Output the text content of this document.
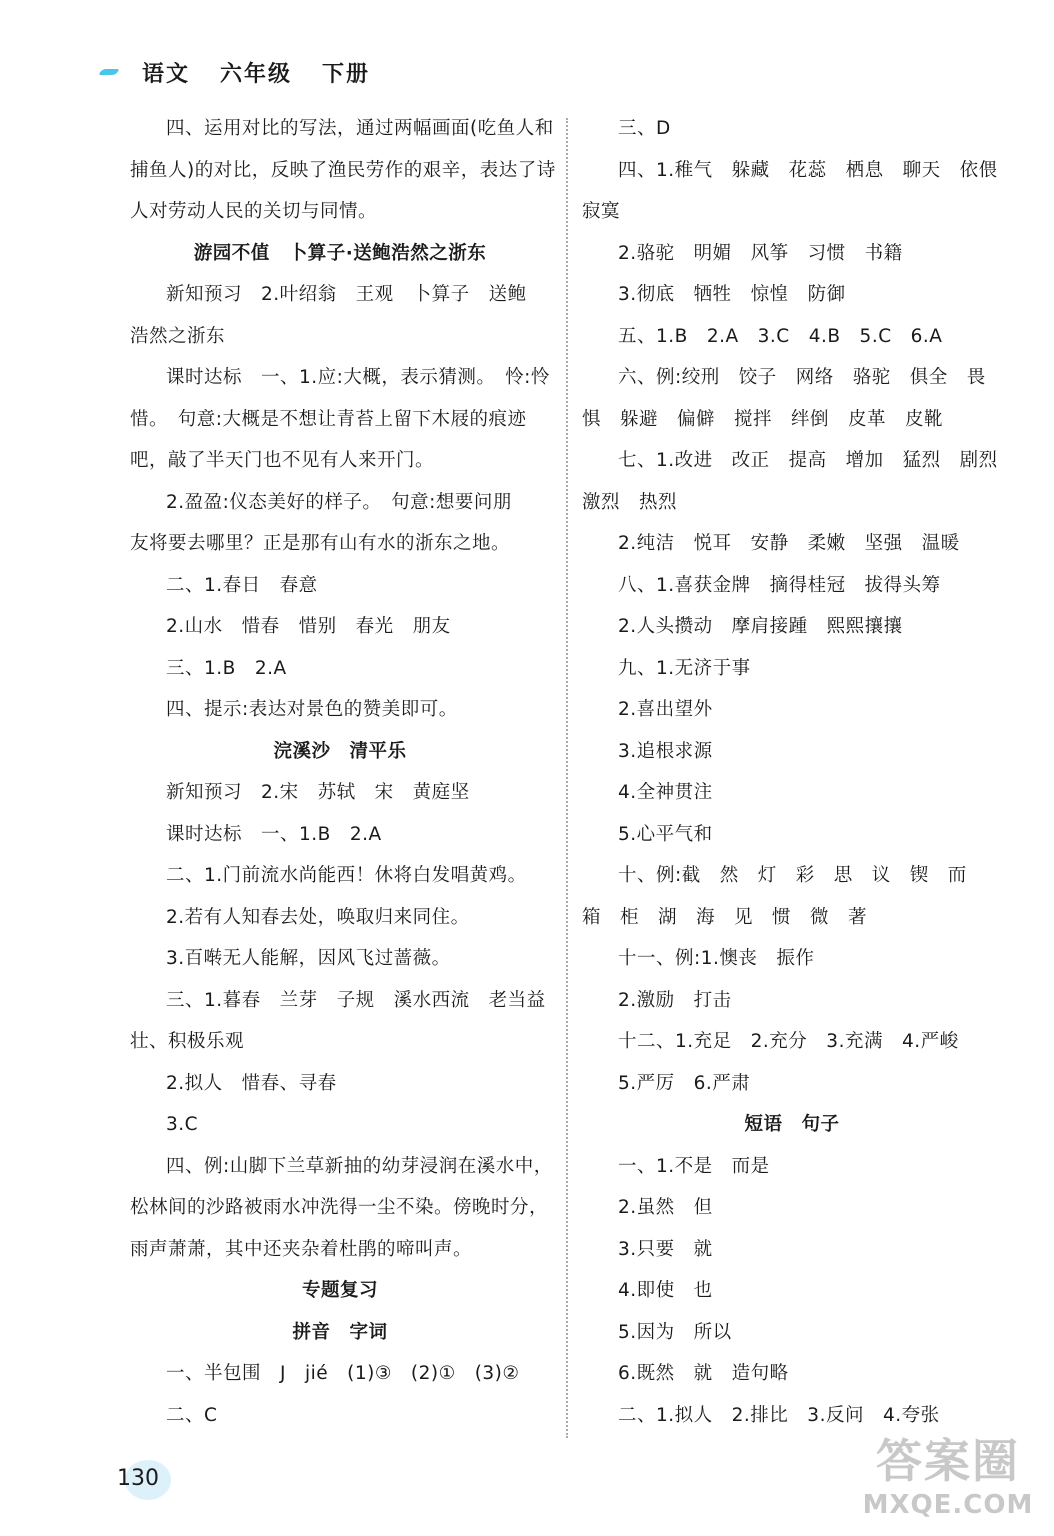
语文 六年级 下册
四、运用对比的写法，通过两幅画面(吃鱼人和
捕鱼人)的对比，反映了渔民劳作的艰辛，表达了诗
人对劳动人民的关切与同情。
游园不值　卜算子·送鲍浩然之浙东
新知预习　2.叶绍翁　王观　卜算子　送鲍
浩然之浙东
课时达标　一、1.应:大概，表示猜测。　怜:怜
惜。　句意:大概是不想让青苔上留下木屐的痕迹
吧，敲了半天门也不见有人来开门。
2.盈盈:仪态美好的样子。　句意:想要问朋
友将要去哪里？正是那有山有水的浙东之地。
二、1.春日　春意
2.山水　惜春　惜别　春光　朋友
三、1.B　2.A
四、提示:表达对景色的赞美即可。
浣溪沙　清平乐
新知预习　2.宋　苏轼　宋　黄庭坚
课时达标　一、1.B　2.A
二、1.门前流水尚能西！休将白发唱黄鸡。
2.若有人知春去处，唤取归来同住。
3.百啭无人能解，因风飞过蔷薇。
三、1.暮春　兰芽　子规　溪水西流　老当益
壮、积极乐观
2.拟人　惜春、寻春
3.C
四、例:山脚下兰草新抽的幼芽浸润在溪水中，
松林间的沙路被雨水冲洗得一尘不染。傍晚时分，
雨声萧萧，其中还夹杂着杜鹃的啼叫声。
专题复习
拼音　字词
一、半包围　J　jié　(1)③　(2)①　(3)②
二、C
三、D
四、1.稚气　躲藏　花蕊　栖息　聊天　依偎
寂寞
2.骆驼　明媚　风筝　习惯　书籍
3.彻底　牺牲　惊惶　防御
五、1.B　2.A　3.C　4.B　5.C　6.A
六、例:绞刑　饺子　网络　骆驼　俱全　畏
惧　躲避　偏僻　搅拌　绊倒　皮革　皮靴
七、1.改进　改正　提高　增加　猛烈　剧烈
激烈　热烈
2.纯洁　悦耳　安静　柔嫩　坚强　温暖
八、1.喜获金牌　摘得桂冠　拔得头筹
2.人头攒动　摩肩接踵　熙熙攘攘
九、1.无济于事
2.喜出望外
3.追根求源
4.全神贯注
5.心平气和
十、例:截　然　灯　彩　思　议　锲　而
箱　柜　湖　海　见　惯　微　著
十一、例:1.懊丧　振作
2.激励　打击
十二、1.充足　2.充分　3.充满　4.严峻
5.严厉　6.严肃
短语　句子
一、1.不是　而是
2.虽然　但
3.只要　就
4.即使　也
5.因为　所以
6.既然　就　造句略
二、1.拟人　2.排比　3.反问　4.夸张
130	答案圈
MXQE.COM
